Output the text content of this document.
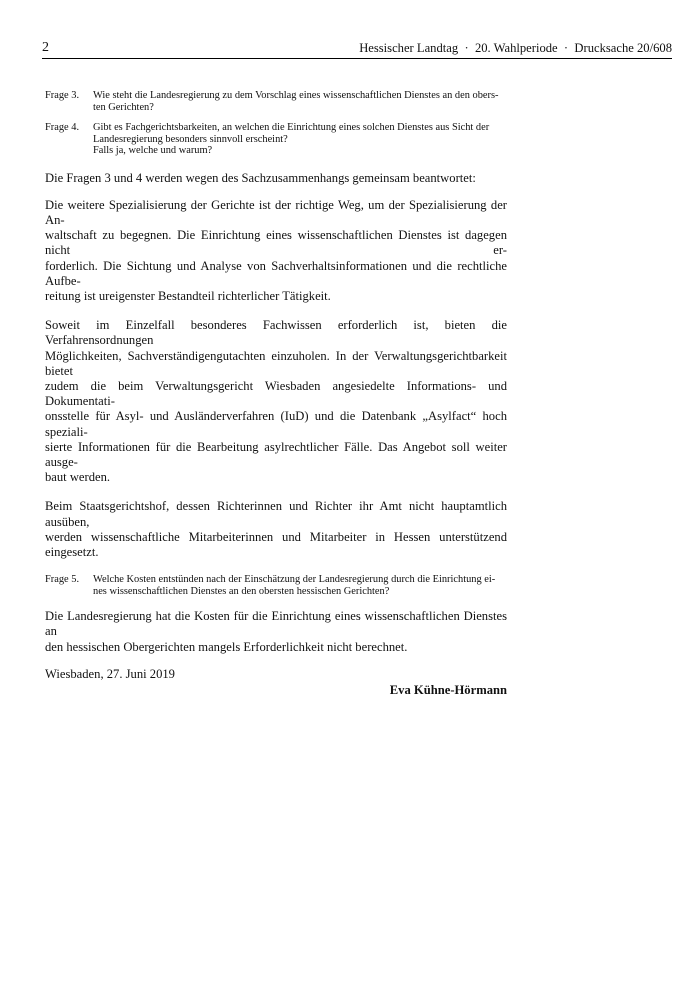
2	Hessischer Landtag  ·  20. Wahlperiode  ·  Drucksache 20/608
Frage 3.	Wie steht die Landesregierung zu dem Vorschlag eines wissenschaftlichen Dienstes an den obers-
ten Gerichten?
Frage 4.	Gibt es Fachgerichtsbarkeiten, an welchen die Einrichtung eines solchen Dienstes aus Sicht der
Landesregierung besonders sinnvoll erscheint?
Falls ja, welche und warum?
Die Fragen 3 und 4 werden wegen des Sachzusammenhangs gemeinsam beantwortet:
Die weitere Spezialisierung der Gerichte ist der richtige Weg, um der Spezialisierung der An-
waltschaft zu begegnen. Die Einrichtung eines wissenschaftlichen Dienstes ist dagegen nicht er-
forderlich. Die Sichtung und Analyse von Sachverhaltsinformationen und die rechtliche Aufbe-
reitung ist ureigenster Bestandteil richterlicher Tätigkeit.
Soweit im Einzelfall besonderes Fachwissen erforderlich ist, bieten die Verfahrensordnungen
Möglichkeiten, Sachverständigengutachten einzuholen. In der Verwaltungsgerichtbarkeit bietet
zudem die beim Verwaltungsgericht Wiesbaden angesiedelte Informations- und Dokumentati-
onsstelle für Asyl- und Ausländerverfahren (IuD) und die Datenbank „Asylfact“ hoch speziali-
sierte Informationen für die Bearbeitung asylrechtlicher Fälle. Das Angebot soll weiter ausge-
baut werden.
Beim Staatsgerichtshof, dessen Richterinnen und Richter ihr Amt nicht hauptamtlich ausüben,
werden wissenschaftliche Mitarbeiterinnen und Mitarbeiter in Hessen unterstützend eingesetzt.
Frage 5.	Welche Kosten entstünden nach der Einschätzung der Landesregierung durch die Einrichtung ei-
nes wissenschaftlichen Dienstes an den obersten hessischen Gerichten?
Die Landesregierung hat die Kosten für die Einrichtung eines wissenschaftlichen Dienstes an
den hessischen Obergerichten mangels Erforderlichkeit nicht berechnet.
Wiesbaden, 27. Juni 2019
Eva Kühne-Hörmann
